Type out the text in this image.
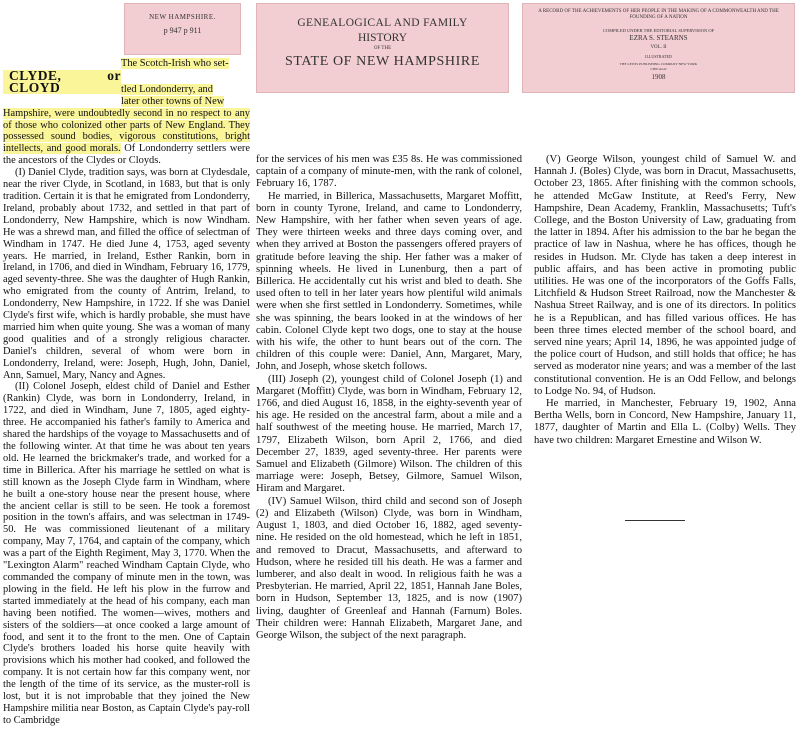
NEW HAMPSHIRE.
p 947 p 911
GENEALOGICAL AND FAMILY
HISTORY
OF THE
STATE OF NEW HAMPSHIRE
A RECORD OF THE ACHIEVEMENTS OF HER PEOPLE IN THE MAKING OF A COMMONWEALTH AND THE FOUNDING OF A NATION
COMPILED UNDER THE EDITORIAL SUPERVISION OF
EZRA S. STEARNS
VOL. II
ILLUSTRATED
THE LEWIS PUBLISHING COMPANY NEW YORK CHICAGO
1908

The Scotch-Irish who set-

CLYDE, or CLOYD	tled Londonderry, and

later other towns of New

Hampshire, were undoubtedly second in no respect to any of those who colonized other parts of New England. They possessed sound bodies, vigorous constitutions, bright intellects, and good morals. Of Londonderry settlers were the ancestors of the Clydes or Cloyds.

(I) Daniel Clyde, tradition says, was born at Clydesdale, near the river Clyde, in Scotland, in 1683, but that is only tradition. Certain it is that he emigrated from Londonderry, Ireland, probably about 1732, and settled in that part of Londonderry, New Hampshire, which is now Windham. He was a shrewd man, and filled the office of selectman of Windham in 1747. He died June 4, 1753, aged seventy years. He married, in Ireland, Esther Rankin, born in Ireland, in 1706, and died in Windham, February 16, 1779, aged seventy-three. She was the daughter of Hugh Rankin, who emigrated from the county of Antrim, Ireland, to Londonderry, New Hampshire, in 1722. If she was Daniel Clyde's first wife, which is hardly probable, she must have married him when quite young. She was a woman of many good qualities and of a strongly religious character. Daniel's children, several of whom were born in Londonderry, Ireland, were: Joseph, Hugh, John, Daniel, Ann, Samuel, Mary, Nancy and Agnes.

(II) Colonel Joseph, eldest child of Daniel and Esther (Rankin) Clyde, was born in Londonderry, Ireland, in 1722, and died in Windham, June 7, 1805, aged eighty-three. He accompanied his father's family to America and shared the hardships of the voyage to Massachusetts and of the following winter. At that time he was about ten years old. He learned the brickmaker's trade, and worked for a time in Billerica. After his marriage he settled on what is still known as the Joseph Clyde farm in Windham, where he built a one-story house near the present house, where the ancient cellar is still to be seen. He took a foremost position in the town's affairs, and was selectman in 1749-50. He was commissioned lieutenant of a military company, May 7, 1764, and captain of the company, which was a part of the Eighth Regiment, May 3, 1770. When the "Lexington Alarm" reached Windham Captain Clyde, who commanded the company of minute men in the town, was plowing in the field. He left his plow in the furrow and started immediately at the head of his company, each man having been notified. The women—wives, mothers and sisters of the soldiers—at once cooked a large amount of food, and sent it to the front to the men. One of Captain Clyde's brothers loaded his horse quite heavily with provisions which his mother had cooked, and followed the company. It is not certain how far this company went, nor the length of the time of its service, as the muster-roll is lost, but it is not improbable that they joined the New Hampshire militia near Boston, as Captain Clyde's pay-roll to Cambridge

for the services of his men was £35 8s. He was commissioned captain of a company of minute-men, with the rank of colonel, February 16, 1787.

He married, in Billerica, Massachusetts, Margaret Moffitt, born in county Tyrone, Ireland, and came to Londonderry, New Hampshire, with her father when seven years of age. They were thirteen weeks and three days coming over, and when they arrived at Boston the passengers offered prayers of gratitude before leaving the ship. Her father was a maker of spinning wheels. He lived in Lunenburg, then a part of Billerica. He accidentally cut his wrist and bled to death. She used often to tell in her later years how plentiful wild animals were when she first settled in Londonderry. Sometimes, while she was spinning, the bears looked in at the windows of her cabin. Colonel Clyde kept two dogs, one to stay at the house with his wife, the other to hunt bears out of the corn. The children of this couple were: Daniel, Ann, Margaret, Mary, John, and Joseph, whose sketch follows.

(III) Joseph (2), youngest child of Colonel Joseph (1) and Margaret (Moffitt) Clyde, was born in Windham, February 12, 1766, and died August 16, 1858, in the eighty-seventh year of his age. He resided on the ancestral farm, about a mile and a half southwest of the meeting house. He married, March 17, 1797, Elizabeth Wilson, born April 2, 1766, and died December 27, 1839, aged seventy-three. Her parents were Samuel and Elizabeth (Gilmore) Wilson. The children of this marriage were: Joseph, Betsey, Gilmore, Samuel Wilson, Hiram and Margaret.

(IV) Samuel Wilson, third child and second son of Joseph (2) and Elizabeth (Wilson) Clyde, was born in Windham, August 1, 1803, and died October 16, 1882, aged seventy-nine. He resided on the old homestead, which he left in 1851, and removed to Dracut, Massachusetts, and afterward to Hudson, where he resided till his death. He was a farmer and lumberer, and also dealt in wood. In religious faith he was a Presbyterian. He married, April 22, 1851, Hannah Jane Boles, born in Hudson, September 13, 1825, and is now (1907) living, daughter of Greenleaf and Hannah (Farnum) Boles. Their children were: Hannah Elizabeth, Margaret Jane, and George Wilson, the subject of the next paragraph.

(V) George Wilson, youngest child of Samuel W. and Hannah J. (Boles) Clyde, was born in Dracut, Massachusetts, October 23, 1865. After finishing with the common schools, he attended McGaw Institute, at Reed's Ferry, New Hampshire, Dean Academy, Franklin, Massachusetts; Tuft's College, and the Boston University of Law, graduating from the latter in 1894. After his admission to the bar he began the practice of law in Nashua, where he has offices, though he resides in Hudson. Mr. Clyde has taken a deep interest in public affairs, and has been active in promoting public utilities. He was one of the incorporators of the Goffs Falls, Litchfield & Hudson Street Railroad, now the Manchester & Nashua Street Railway, and is one of its directors. In politics he is a Republican, and has filled various offices. He has been three times elected member of the school board, and served nine years; April 14, 1896, he was appointed judge of the police court of Hudson, and still holds that office; he has served as moderator nine years; and was a member of the last constitutional convention. He is an Odd Fellow, and belongs to Lodge No. 94, of Hudson.

He married, in Manchester, February 19, 1902, Anna Bertha Wells, born in Concord, New Hampshire, January 11, 1877, daughter of Martin and Ella L. (Colby) Wells. They have two children: Margaret Ernestine and Wilson W.
